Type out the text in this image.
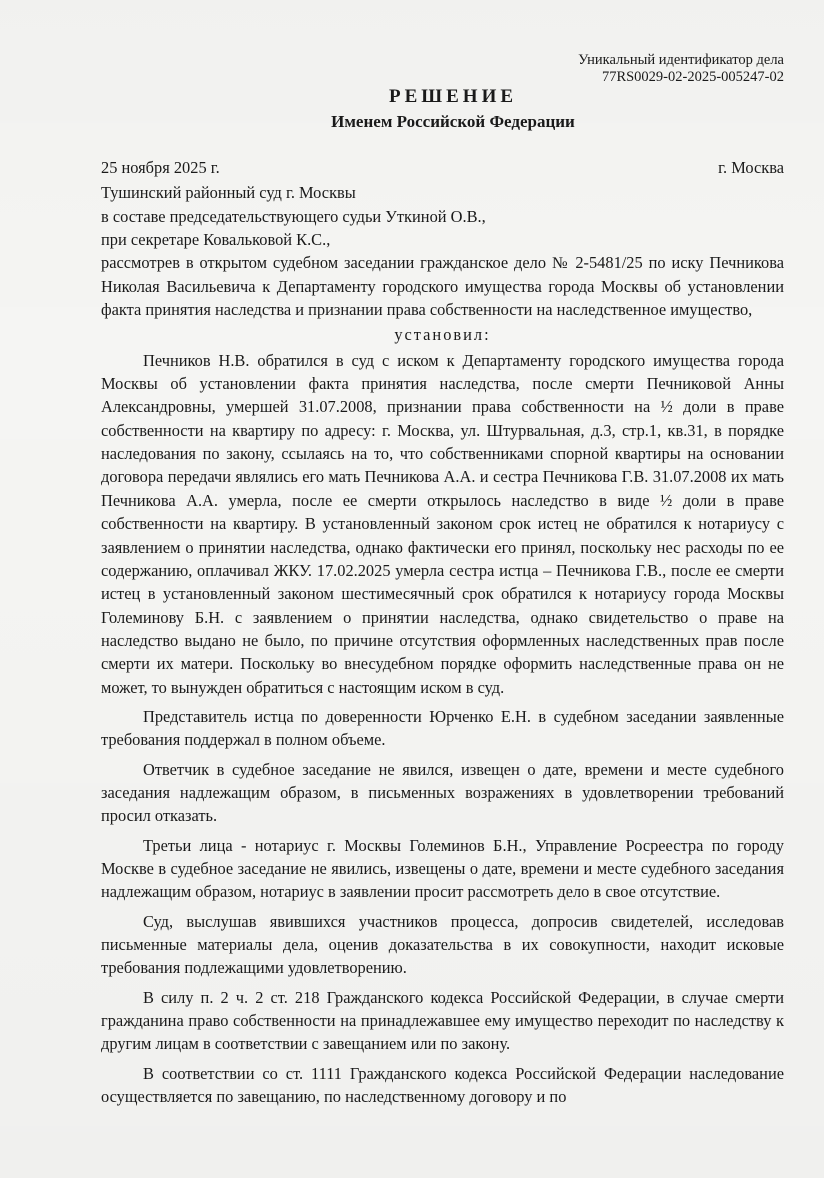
Уникальный идентификатор дела
77RS0029-02-2025-005247-02
РЕШЕНИЕ
Именем Российской Федерации
25 ноября 2025 г.	г. Москва

Тушинский районный суд г. Москвы

в составе председательствующего судьи Уткиной О.В.,

при секретаре Ковальковой К.С.,

рассмотрев в открытом судебном заседании гражданское дело № 2-5481/25 по иску Печникова Николая Васильевича к Департаменту городского имущества города Москвы об установлении факта принятия наследства и признании права собственности на наследственное имущество,

установил:

Печников Н.В. обратился в суд с иском к Департаменту городского имущества города Москвы об установлении факта принятия наследства, после смерти Печниковой Анны Александровны, умершей 31.07.2008, признании права собственности на ½ доли в праве собственности на квартиру по адресу: г. Москва, ул. Штурвальная, д.3, стр.1, кв.31, в порядке наследования по закону, ссылаясь на то, что собственниками спорной квартиры на основании договора передачи являлись его мать Печникова А.А. и сестра Печникова Г.В. 31.07.2008 их мать Печникова А.А. умерла, после ее смерти открылось наследство в виде ½ доли в праве собственности на квартиру. В установленный законом срок истец не обратился к нотариусу с заявлением о принятии наследства, однако фактически его принял, поскольку нес расходы по ее содержанию, оплачивал ЖКУ. 17.02.2025 умерла сестра истца – Печникова Г.В., после ее смерти истец в установленный законом шестимесячный срок обратился к нотариусу города Москвы Големинову Б.Н. с заявлением о принятии наследства, однако свидетельство о праве на наследство выдано не было, по причине отсутствия оформленных наследственных прав после смерти их матери. Поскольку во внесудебном порядке оформить наследственные права он не может, то вынужден обратиться с настоящим иском в суд.

Представитель истца по доверенности Юрченко Е.Н. в судебном заседании заявленные требования поддержал в полном объеме.

Ответчик в судебное заседание не явился, извещен о дате, времени и месте судебного заседания надлежащим образом, в письменных возражениях в удовлетворении требований просил отказать.

Третьи лица - нотариус г. Москвы Големинов Б.Н., Управление Росреестра по городу Москве в судебное заседание не явились, извещены о дате, времени и месте судебного заседания надлежащим образом, нотариус в заявлении просит рассмотреть дело в свое отсутствие.

Суд, выслушав явившихся участников процесса, допросив свидетелей, исследовав письменные материалы дела, оценив доказательства в их совокупности, находит исковые требования подлежащими удовлетворению.

В силу п. 2 ч. 2 ст. 218 Гражданского кодекса Российской Федерации, в случае смерти гражданина право собственности на принадлежавшее ему имущество переходит по наследству к другим лицам в соответствии с завещанием или по закону.

В соответствии со ст. 1111 Гражданского кодекса Российской Федерации наследование осуществляется по завещанию, по наследственному договору и по
